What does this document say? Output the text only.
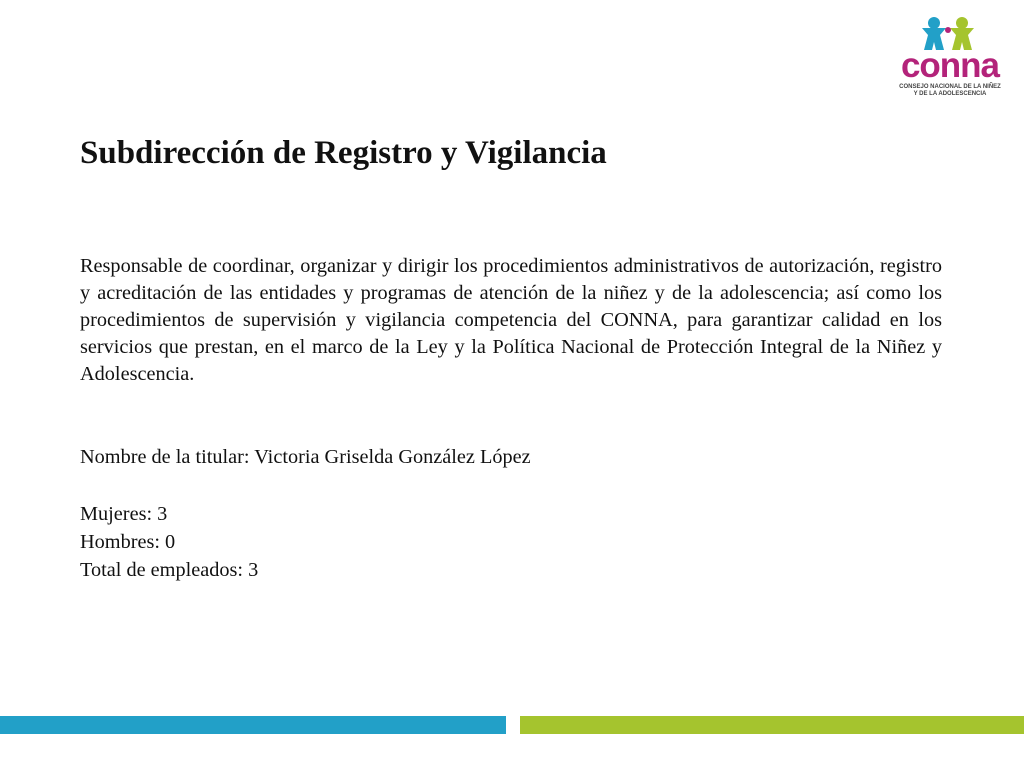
conna
CONSEJO NACIONAL DE LA NIÑEZ
Y DE LA ADOLESCENCIA
Subdirección de Registro y Vigilancia

Responsable de coordinar, organizar y dirigir los procedimientos administrativos de autorización, registro y acreditación de las entidades y programas de atención de la niñez y de la adolescencia; así como los procedimientos de supervisión y vigilancia competencia del CONNA, para garantizar calidad en los servicios que prestan, en el marco de la Ley y la Política Nacional de Protección Integral de la Niñez y Adolescencia.

Nombre de la titular: Victoria Griselda González López

Mujeres: 3
Hombres: 0
Total de empleados: 3
